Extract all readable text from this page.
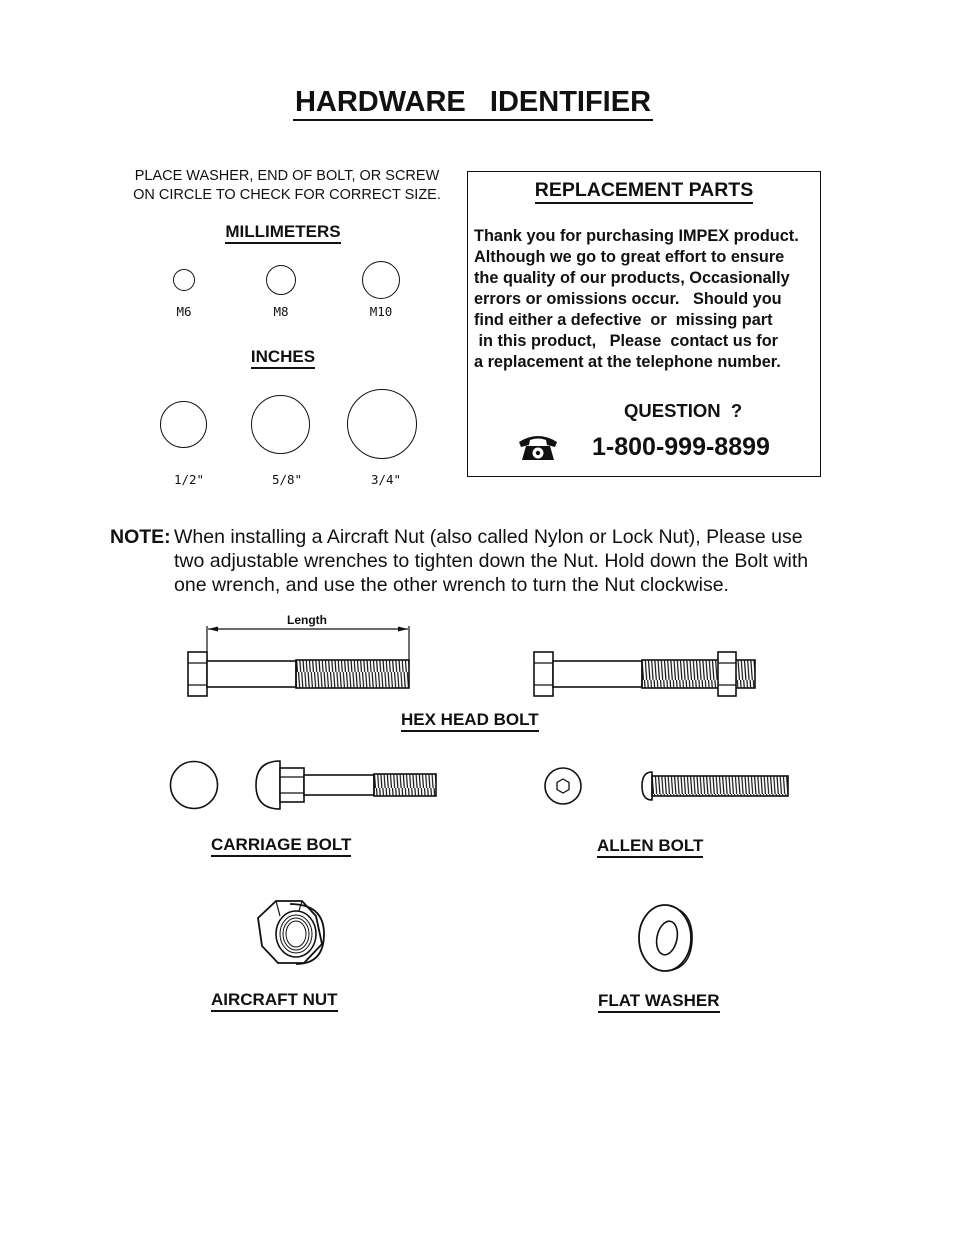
HARDWARE   IDENTIFIER
PLACE WASHER, END OF BOLT, OR SCREW
ON CIRCLE TO CHECK FOR CORRECT SIZE.
MILLIMETERS
M6	M8	M10
INCHES
1/2"	5/8"	3/4"
REPLACEMENT PARTS
Thank you for purchasing IMPEX product.
Although we go to great effort to ensure
the quality of our products, Occasionally
errors or omissions occur.   Should you
find either a defective  or  missing part
in this product,   Please  contact us for
a replacement at the telephone number.
QUESTION  ?
1-800-999-8899
NOTE: When installing a Aircraft Nut (also called Nylon or Lock Nut), Please use
two adjustable wrenches to tighten down the Nut. Hold down the Bolt with
one wrench, and use the other wrench to turn the Nut clockwise.
Length
HEX HEAD BOLT
CARRIAGE BOLT	ALLEN BOLT
AIRCRAFT NUT	FLAT WASHER
